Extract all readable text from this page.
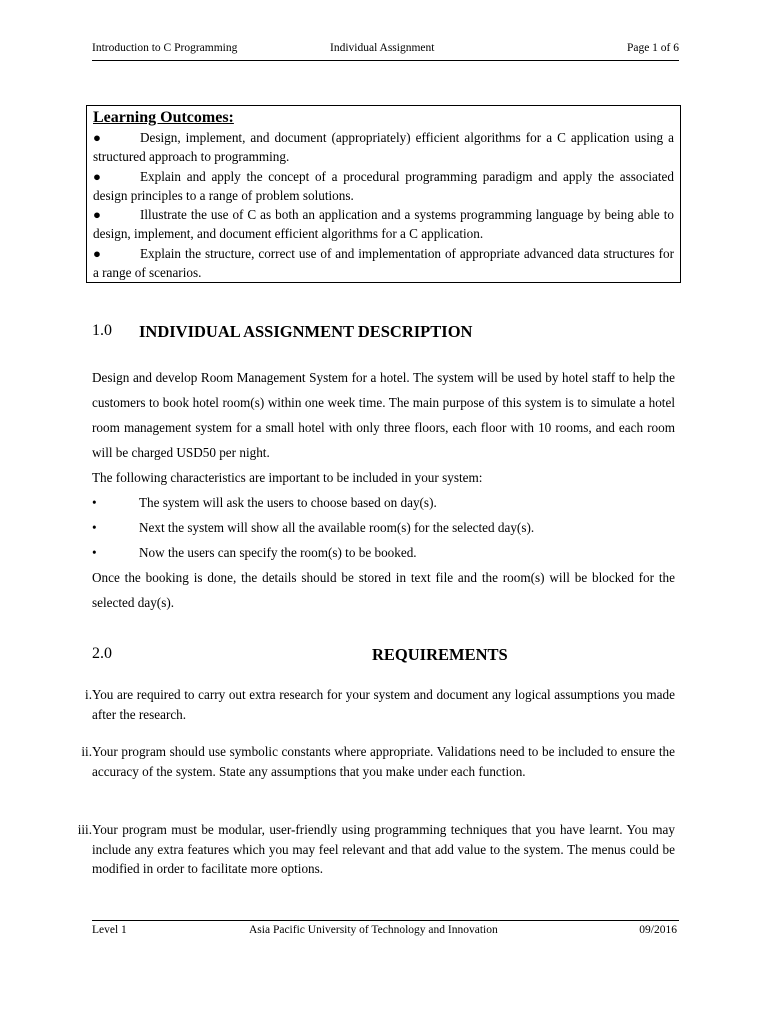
Introduction to C Programming	Individual Assignment	Page 1 of 6
Learning Outcomes:

●	Design, implement, and document (appropriately) efficient algorithms for a C application using a structured approach to programming.

●	Explain and apply the concept of a procedural programming paradigm and apply the associated design principles to a range of problem solutions.

●	Illustrate the use of C as both an application and a systems programming language by being able to design, implement, and document efficient algorithms for a C application.

●	Explain the structure, correct use of and implementation of appropriate advanced data structures for a range of scenarios.

1.0 INDIVIDUAL ASSIGNMENT DESCRIPTION

Design and develop Room Management System for a hotel. The system will be used by hotel staff to help the customers to book hotel room(s) within one week time. The main purpose of this system is to simulate a hotel room management system for a small hotel with only three floors, each floor with 10 rooms, and each room will be charged USD50 per night.

The following characteristics are important to be included in your system:

•	The system will ask the users to choose based on day(s).
•	Next the system will show all the available room(s) for the selected day(s).
•	Now the users can specify the room(s) to be booked.

Once the booking is done, the details should be stored in text file and the room(s) will be blocked for the selected day(s).

2.0	REQUIREMENTS
i. You are required to carry out extra research for your system and document any logical assumptions you made after the research.
ii. Your program should use symbolic constants where appropriate. Validations need to be included to ensure the accuracy of the system. State any assumptions that you make under each function.
iii. Your program must be modular, user-friendly using programming techniques that you have learnt. You may include any extra features which you may feel relevant and that add value to the system. The menus could be modified in order to facilitate more options.
Level 1	Asia Pacific University of Technology and Innovation	09/2016
